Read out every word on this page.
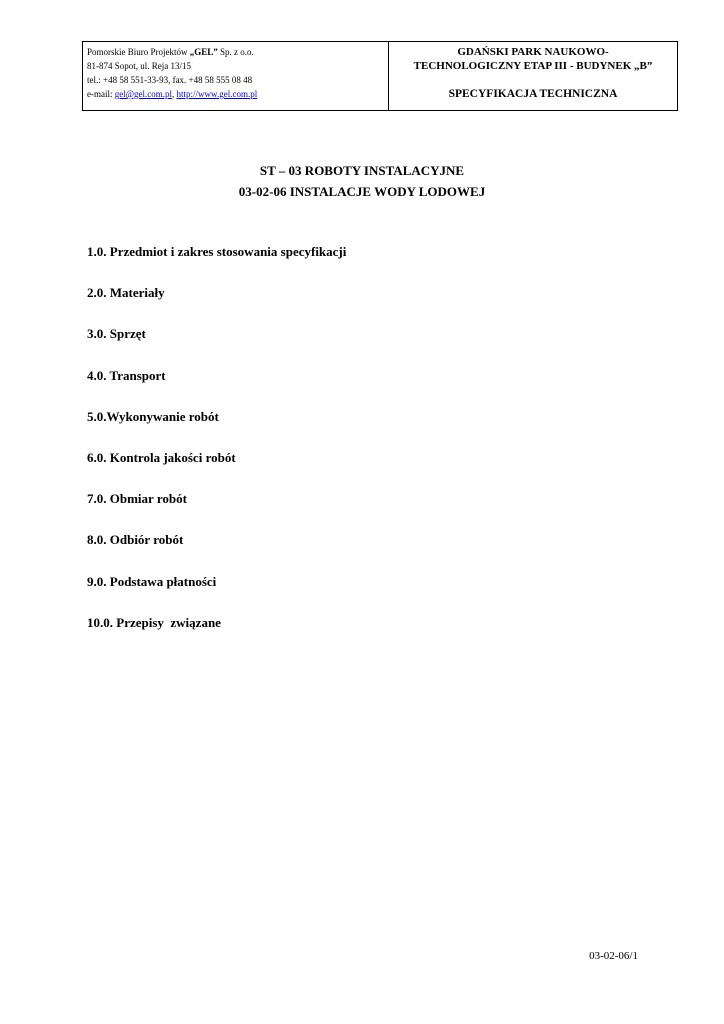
Pomorskie Biuro Projektów „GEL” Sp. z o.o.
81-874 Sopot, ul. Reja 13/15
tel.: +48 58 551-33-93, fax. +48 58 555 08 48
e-mail: gel@gel.com.pl, http://www.gel.com.pl
GDAŃSKI PARK NAUKOWO-
TECHNOLOGICZNY ETAP III - BUDYNEK „B”
SPECYFIKACJA TECHNICZNA
ST – 03 ROBOTY INSTALACYJNE
03-02-06 INSTALACJE WODY LODOWEJ
1.0. Przedmiot i zakres stosowania specyfikacji
2.0. Materiały
3.0. Sprzęt
4.0. Transport
5.0.Wykonywanie robót
6.0. Kontrola jakości robót
7.0. Obmiar robót
8.0. Odbiór robót
9.0. Podstawa płatności
10.0. Przepisy  związane
03-02-06/1
